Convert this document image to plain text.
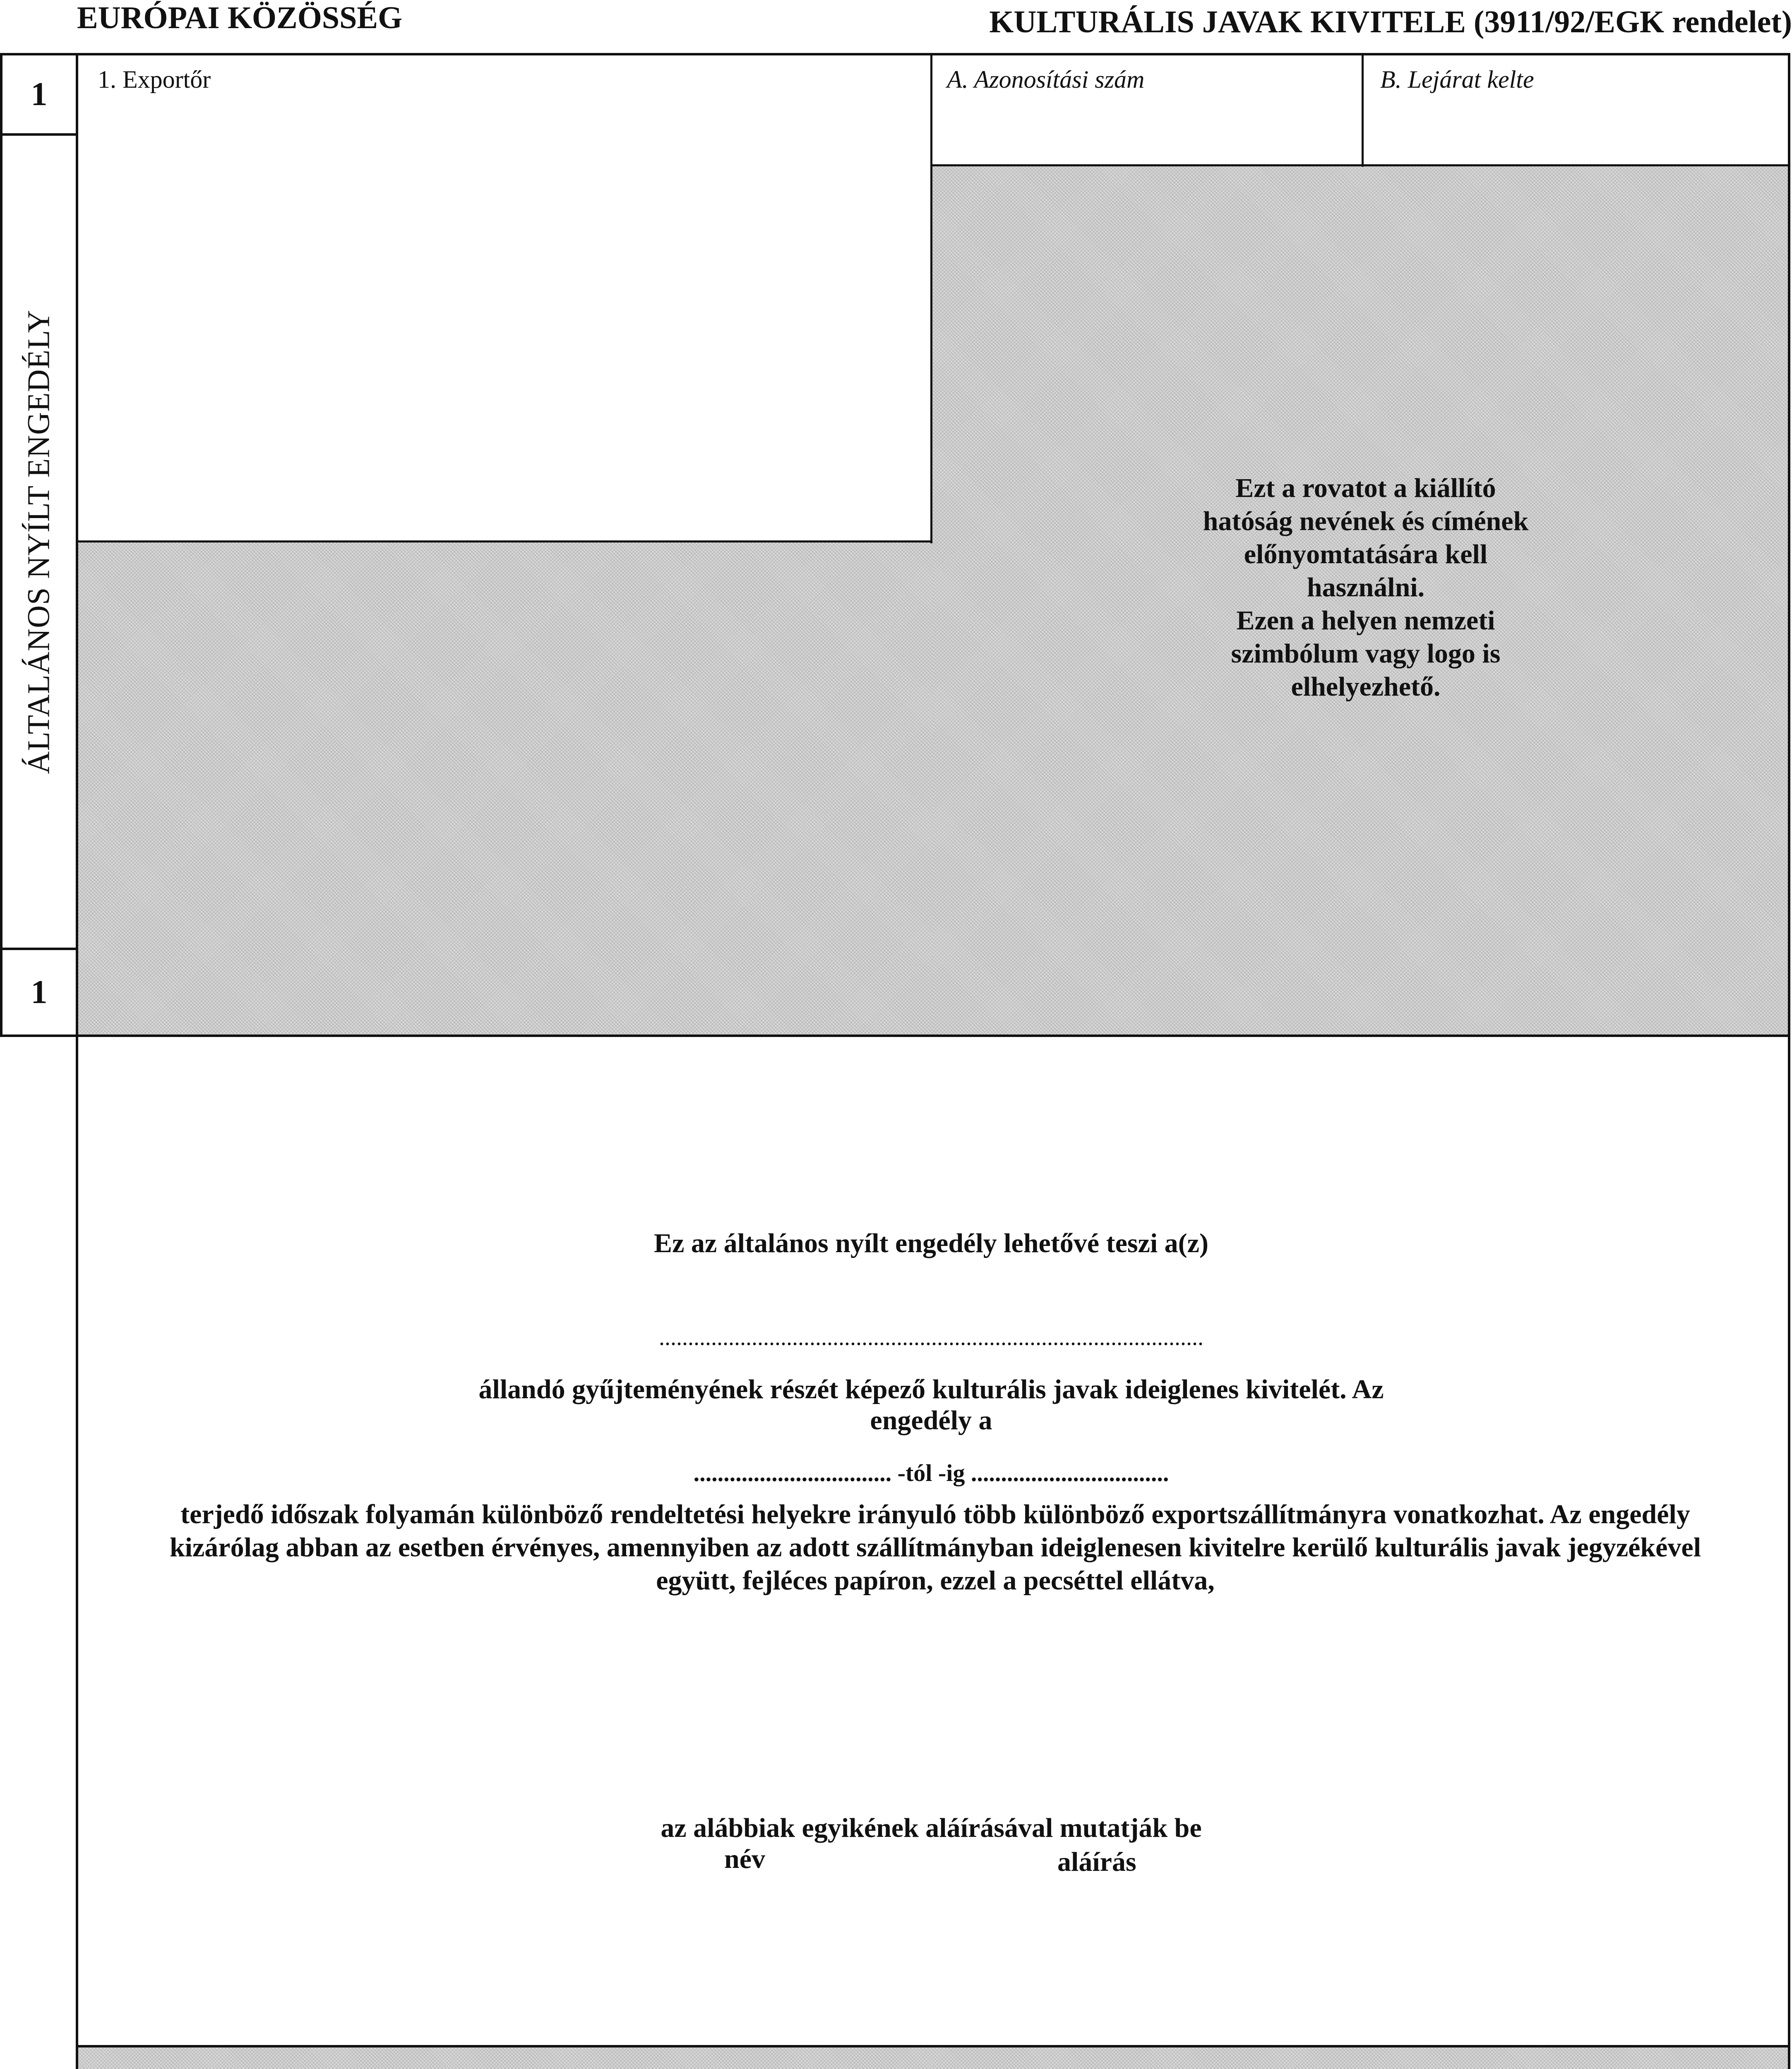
EURÓPAI KÖZÖSSÉG	KULTURÁLIS JAVAK KIVITELE (3911/92/EGK rendelet)
1
1
ÁLTALÁNOS NYÍLT ENGEDÉLY
1. Exportőr	A. Azonosítási szám	B. Lejárat kelte
Ezt a rovatot a kiállító
hatóság nevének és címének
előnyomtatására kell
használni.
Ezen a helyen nemzeti
szimbólum vagy logo is
elhelyezhető.
Ez az általános nyílt engedély lehetővé teszi a(z)
..............................................................................................
állandó gyűjteményének részét képező kulturális javak ideiglenes kivitelét. Az
engedély a
................................. -tól -ig .................................
terjedő időszak folyamán különböző rendeltetési helyekre irányuló több különböző exportszállítmányra vonatkozhat. Az engedély
kizárólag abban az esetben érvényes, amennyiben az adott szállítmányban ideiglenesen kivitelre kerülő kulturális javak jegyzékével
együtt, fejléces papíron, ezzel a pecséttel ellátva,
az alábbiak egyikének aláírásával mutatják be
név	aláírás
